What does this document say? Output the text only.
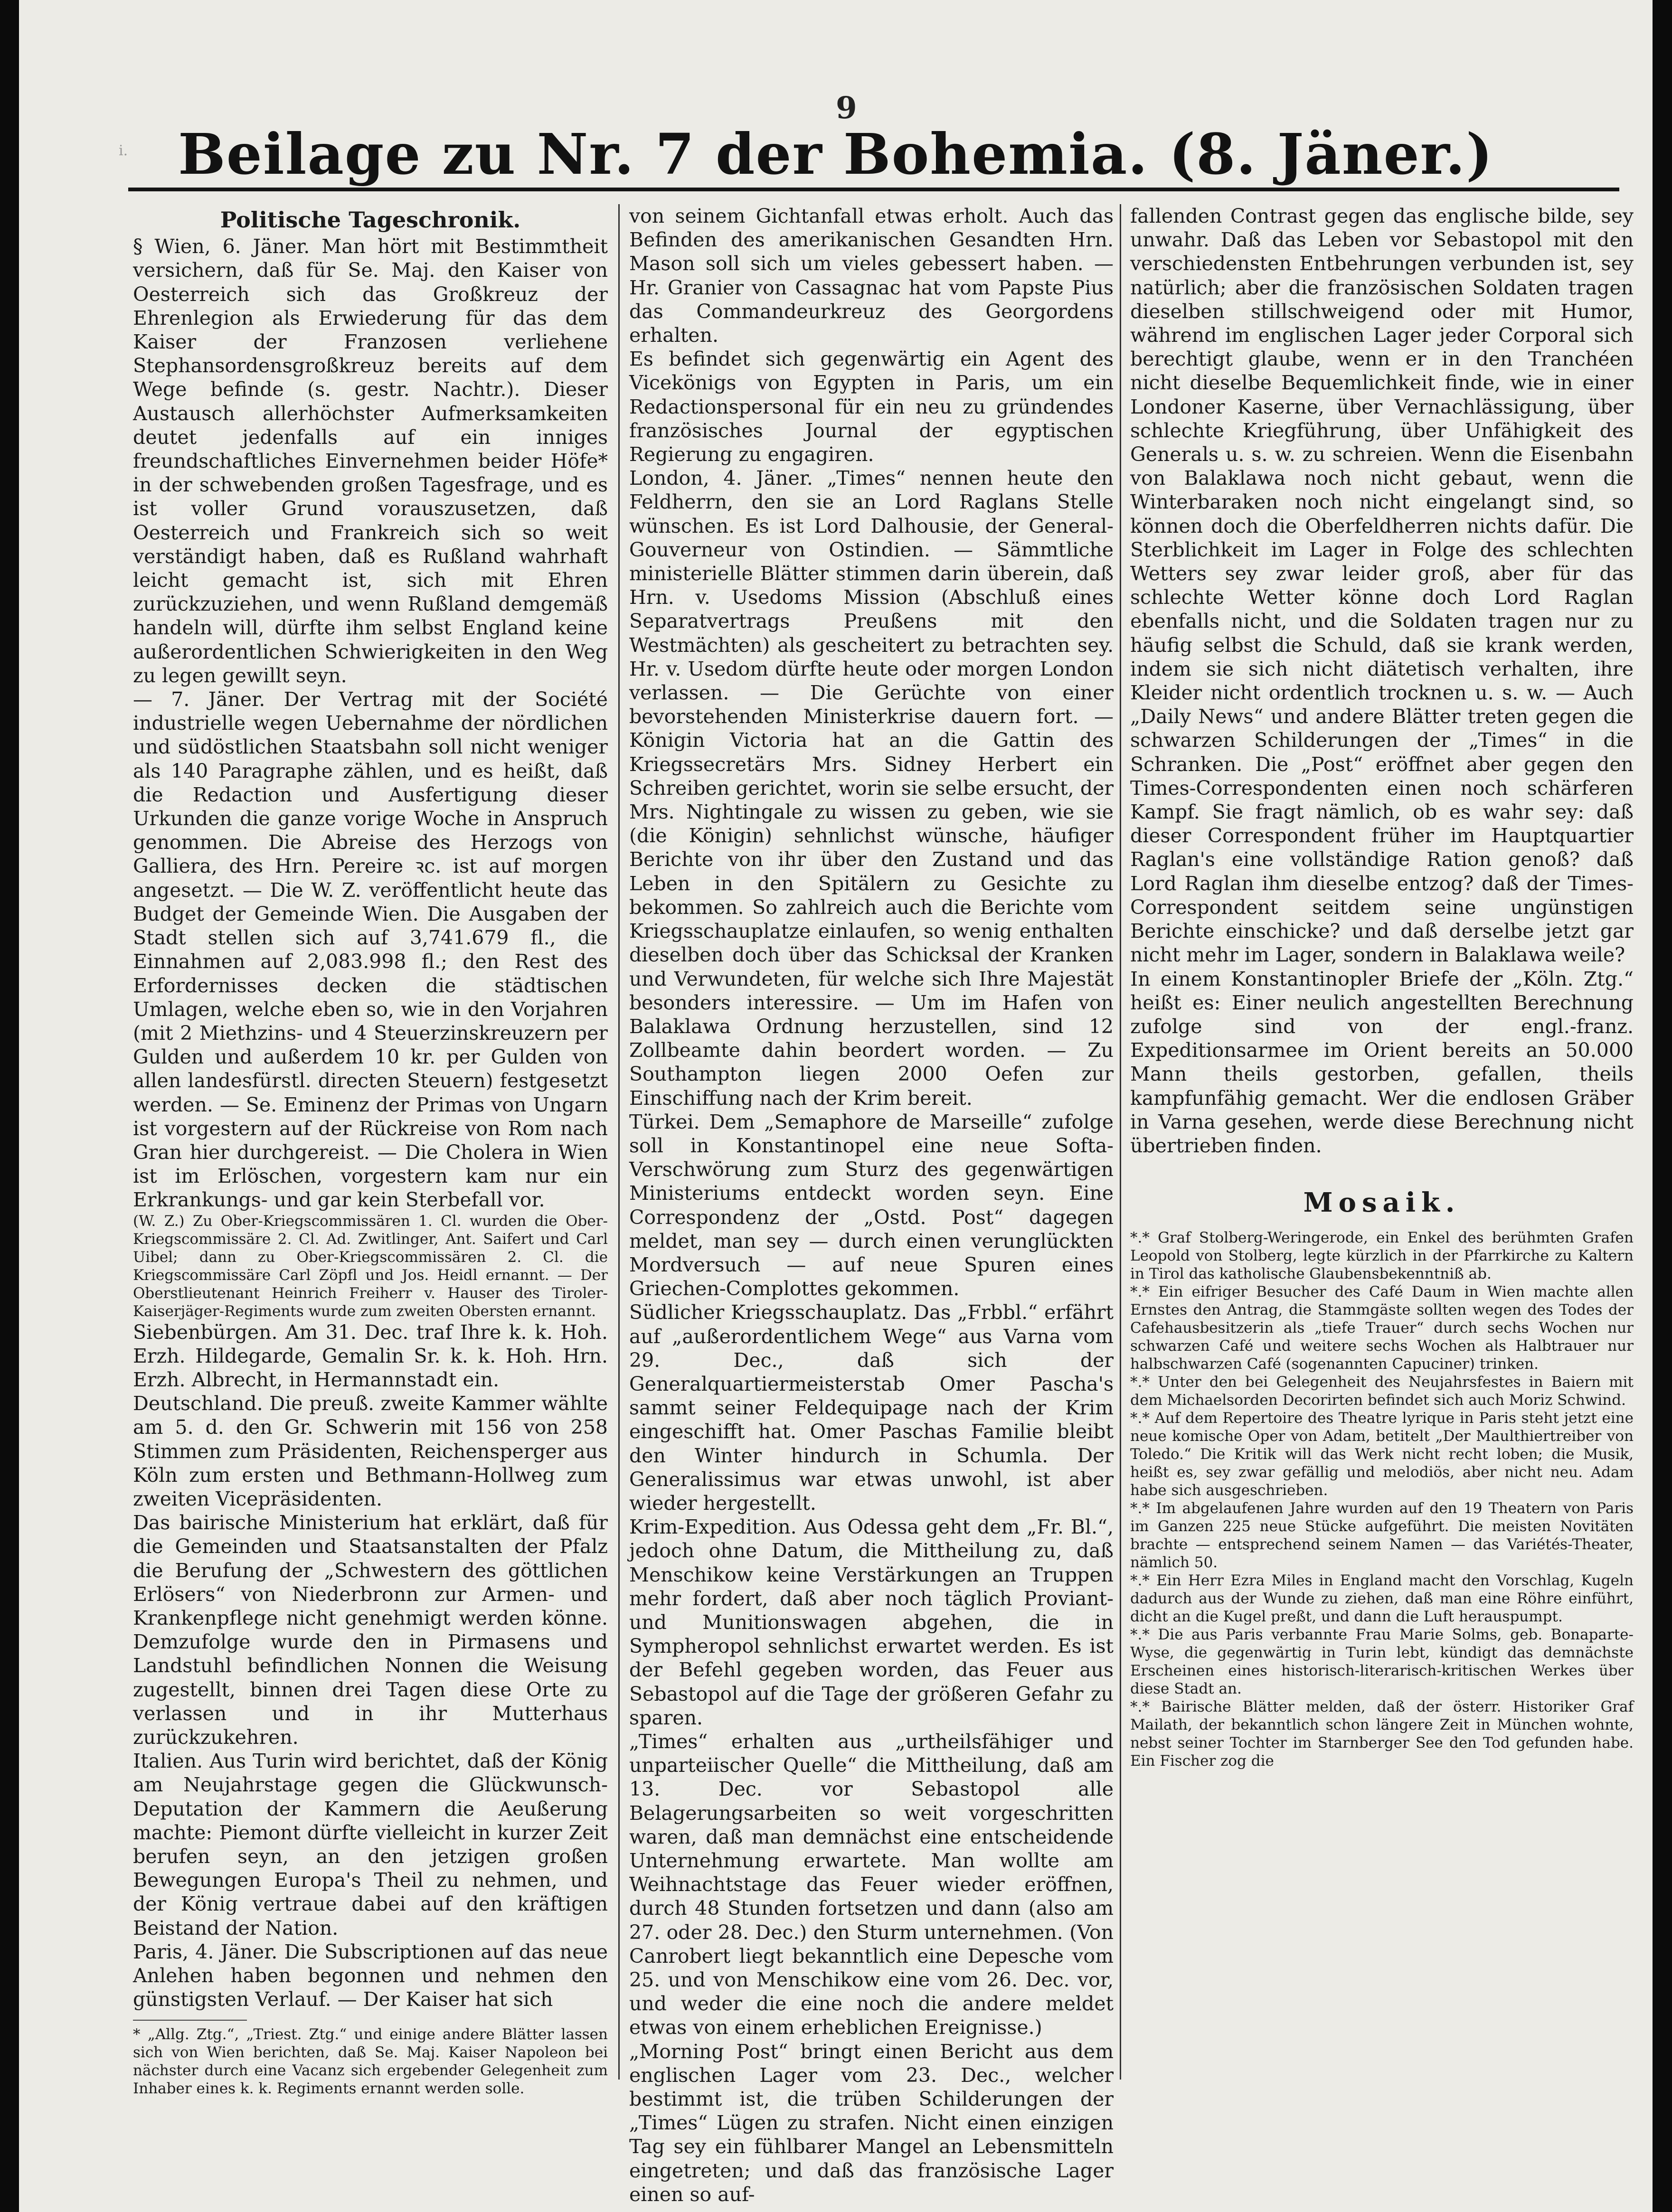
9
i. Beilage zu Nr. 7 der Bohemia. (8. Jäner.)

Politische Tageschronik.

§ Wien, 6. Jäner. Man hört mit Bestimmtheit versichern, daß für Se. Maj. den Kaiser von Oesterreich sich das Großkreuz der Ehrenlegion als Erwiederung für das dem Kaiser der Franzosen verliehene Stephansordensgroßkreuz bereits auf dem Wege befinde (s. gestr. Nachtr.). Dieser Austausch allerhöchster Aufmerksamkeiten deutet jedenfalls auf ein inniges freundschaftliches Einvernehmen beider Höfe* in der schwebenden großen Tagesfrage, und es ist voller Grund vorauszusetzen, daß Oesterreich und Frankreich sich so weit verständigt haben, daß es Rußland wahrhaft leicht gemacht ist, sich mit Ehren zurückzuziehen, und wenn Rußland demgemäß handeln will, dürfte ihm selbst England keine außerordentlichen Schwierigkeiten in den Weg zu legen gewillt seyn.

— 7. Jäner. Der Vertrag mit der Société industrielle wegen Uebernahme der nördlichen und südöstlichen Staatsbahn soll nicht weniger als 140 Paragraphe zählen, und es heißt, daß die Redaction und Ausfertigung dieser Urkunden die ganze vorige Woche in Anspruch genommen. Die Abreise des Herzogs von Galliera, des Hrn. Pereire ꝛc. ist auf morgen angesetzt. — Die W. Z. veröffentlicht heute das Budget der Gemeinde Wien. Die Ausgaben der Stadt stellen sich auf 3,741.679 fl., die Einnahmen auf 2,083.998 fl.; den Rest des Erfordernisses decken die städtischen Umlagen, welche eben so, wie in den Vorjahren (mit 2 Miethzins- und 4 Steuerzinskreuzern per Gulden und außerdem 10 kr. per Gulden von allen landesfürstl. directen Steuern) festgesetzt werden. — Se. Eminenz der Primas von Ungarn ist vorgestern auf der Rückreise von Rom nach Gran hier durchgereist. — Die Cholera in Wien ist im Erlöschen, vorgestern kam nur ein Erkrankungs- und gar kein Sterbefall vor.

(W. Z.) Zu Ober-Kriegscommissären 1. Cl. wurden die Ober-Kriegscommissäre 2. Cl. Ad. Zwitlinger, Ant. Saifert und Carl Uibel; dann zu Ober-Kriegscommissären 2. Cl. die Kriegscommissäre Carl Zöpfl und Jos. Heidl ernannt. — Der Oberstlieutenant Heinrich Freiherr v. Hauser des Tiroler-Kaiserjäger-Regiments wurde zum zweiten Obersten ernannt.

Siebenbürgen. Am 31. Dec. traf Ihre k. k. Hoh. Erzh. Hildegarde, Gemalin Sr. k. k. Hoh. Hrn. Erzh. Albrecht, in Hermannstadt ein.

Deutschland. Die preuß. zweite Kammer wählte am 5. d. den Gr. Schwerin mit 156 von 258 Stimmen zum Präsidenten, Reichensperger aus Köln zum ersten und Bethmann-Hollweg zum zweiten Vicepräsidenten.

Das bairische Ministerium hat erklärt, daß für die Gemeinden und Staatsanstalten der Pfalz die Berufung der „Schwestern des göttlichen Erlösers“ von Niederbronn zur Armen- und Krankenpflege nicht genehmigt werden könne. Demzufolge wurde den in Pirmasens und Landstuhl befindlichen Nonnen die Weisung zugestellt, binnen drei Tagen diese Orte zu verlassen und in ihr Mutterhaus zurückzukehren.

Italien. Aus Turin wird berichtet, daß der König am Neujahrstage gegen die Glückwunsch-Deputation der Kammern die Aeußerung machte: Piemont dürfte vielleicht in kurzer Zeit berufen seyn, an den jetzigen großen Bewegungen Europa's Theil zu nehmen, und der König vertraue dabei auf den kräftigen Beistand der Nation.

Paris, 4. Jäner. Die Subscriptionen auf das neue Anlehen haben begonnen und nehmen den günstigsten Verlauf. — Der Kaiser hat sich

* „Allg. Ztg.“, „Triest. Ztg.“ und einige andere Blätter lassen sich von Wien berichten, daß Se. Maj. Kaiser Napoleon bei nächster durch eine Vacanz sich ergebender Gelegenheit zum Inhaber eines k. k. Regiments ernannt werden solle.

von seinem Gichtanfall etwas erholt. Auch das Befinden des amerikanischen Gesandten Hrn. Mason soll sich um vieles gebessert haben. — Hr. Granier von Cassagnac hat vom Papste Pius das Commandeurkreuz des Georgordens erhalten.

Es befindet sich gegenwärtig ein Agent des Vicekönigs von Egypten in Paris, um ein Redactionspersonal für ein neu zu gründendes französisches Journal der egyptischen Regierung zu engagiren.

London, 4. Jäner. „Times“ nennen heute den Feldherrn, den sie an Lord Raglans Stelle wünschen. Es ist Lord Dalhousie, der General-Gouverneur von Ostindien. — Sämmtliche ministerielle Blätter stimmen darin überein, daß Hrn. v. Usedoms Mission (Abschluß eines Separatvertrags Preußens mit den Westmächten) als gescheitert zu betrachten sey. Hr. v. Usedom dürfte heute oder morgen London verlassen. — Die Gerüchte von einer bevorstehenden Ministerkrise dauern fort. — Königin Victoria hat an die Gattin des Kriegssecretärs Mrs. Sidney Herbert ein Schreiben gerichtet, worin sie selbe ersucht, der Mrs. Nightingale zu wissen zu geben, wie sie (die Königin) sehnlichst wünsche, häufiger Berichte von ihr über den Zustand und das Leben in den Spitälern zu Gesichte zu bekommen. So zahlreich auch die Berichte vom Kriegsschauplatze einlaufen, so wenig enthalten dieselben doch über das Schicksal der Kranken und Verwundeten, für welche sich Ihre Majestät besonders interessire. — Um im Hafen von Balaklawa Ordnung herzustellen, sind 12 Zollbeamte dahin beordert worden. — Zu Southampton liegen 2000 Oefen zur Einschiffung nach der Krim bereit.

Türkei. Dem „Semaphore de Marseille“ zufolge soll in Konstantinopel eine neue Softa-Verschwörung zum Sturz des gegenwärtigen Ministeriums entdeckt worden seyn. Eine Correspondenz der „Ostd. Post“ dagegen meldet, man sey — durch einen verunglückten Mordversuch — auf neue Spuren eines Griechen-Complottes gekommen.

Südlicher Kriegsschauplatz. Das „Frbbl.“ erfährt auf „außerordentlichem Wege“ aus Varna vom 29. Dec., daß sich der Generalquartiermeisterstab Omer Pascha's sammt seiner Feldequipage nach der Krim eingeschifft hat. Omer Paschas Familie bleibt den Winter hindurch in Schumla. Der Generalissimus war etwas unwohl, ist aber wieder hergestellt.

Krim-Expedition. Aus Odessa geht dem „Fr. Bl.“, jedoch ohne Datum, die Mittheilung zu, daß Menschikow keine Verstärkungen an Truppen mehr fordert, daß aber noch täglich Proviant- und Munitionswagen abgehen, die in Sympheropol sehnlichst erwartet werden. Es ist der Befehl gegeben worden, das Feuer aus Sebastopol auf die Tage der größeren Gefahr zu sparen.

„Times“ erhalten aus „urtheilsfähiger und unparteiischer Quelle“ die Mittheilung, daß am 13. Dec. vor Sebastopol alle Belagerungsarbeiten so weit vorgeschritten waren, daß man demnächst eine entscheidende Unternehmung erwartete. Man wollte am Weihnachtstage das Feuer wieder eröffnen, durch 48 Stunden fortsetzen und dann (also am 27. oder 28. Dec.) den Sturm unternehmen. (Von Canrobert liegt bekanntlich eine Depesche vom 25. und von Menschikow eine vom 26. Dec. vor, und weder die eine noch die andere meldet etwas von einem erheblichen Ereignisse.)

„Morning Post“ bringt einen Bericht aus dem englischen Lager vom 23. Dec., welcher bestimmt ist, die trüben Schilderungen der „Times“ Lügen zu strafen. Nicht einen einzigen Tag sey ein fühlbarer Mangel an Lebensmitteln eingetreten; und daß das französische Lager einen so auf-

fallenden Contrast gegen das englische bilde, sey unwahr. Daß das Leben vor Sebastopol mit den verschiedensten Entbehrungen verbunden ist, sey natürlich; aber die französischen Soldaten tragen dieselben stillschweigend oder mit Humor, während im englischen Lager jeder Corporal sich berechtigt glaube, wenn er in den Tranchéen nicht dieselbe Bequemlichkeit finde, wie in einer Londoner Kaserne, über Vernachlässigung, über schlechte Kriegführung, über Unfähigkeit des Generals u. s. w. zu schreien. Wenn die Eisenbahn von Balaklawa noch nicht gebaut, wenn die Winterbaraken noch nicht eingelangt sind, so können doch die Oberfeldherren nichts dafür. Die Sterblichkeit im Lager in Folge des schlechten Wetters sey zwar leider groß, aber für das schlechte Wetter könne doch Lord Raglan ebenfalls nicht, und die Soldaten tragen nur zu häufig selbst die Schuld, daß sie krank werden, indem sie sich nicht diätetisch verhalten, ihre Kleider nicht ordentlich trocknen u. s. w. — Auch „Daily News“ und andere Blätter treten gegen die schwarzen Schilderungen der „Times“ in die Schranken. Die „Post“ eröffnet aber gegen den Times-Correspondenten einen noch schärferen Kampf. Sie fragt nämlich, ob es wahr sey: daß dieser Correspondent früher im Hauptquartier Raglan's eine vollständige Ration genoß? daß Lord Raglan ihm dieselbe entzog? daß der Times-Correspondent seitdem seine ungünstigen Berichte einschicke? und daß derselbe jetzt gar nicht mehr im Lager, sondern in Balaklawa weile?

In einem Konstantinopler Briefe der „Köln. Ztg.“ heißt es: Einer neulich angestellten Berechnung zufolge sind von der engl.-franz. Expeditionsarmee im Orient bereits an 50.000 Mann theils gestorben, gefallen, theils kampfunfähig gemacht. Wer die endlosen Gräber in Varna gesehen, werde diese Berechnung nicht übertrieben finden.

Mosaik.

*.* Graf Stolberg-Weringerode, ein Enkel des berühmten Grafen Leopold von Stolberg, legte kürzlich in der Pfarrkirche zu Kaltern in Tirol das katholische Glaubensbekenntniß ab.

*.* Ein eifriger Besucher des Café Daum in Wien machte allen Ernstes den Antrag, die Stammgäste sollten wegen des Todes der Cafehausbesitzerin als „tiefe Trauer“ durch sechs Wochen nur schwarzen Café und weitere sechs Wochen als Halbtrauer nur halbschwarzen Café (sogenannten Capuciner) trinken.

*.* Unter den bei Gelegenheit des Neujahrsfestes in Baiern mit dem Michaelsorden Decorirten befindet sich auch Moriz Schwind.

*.* Auf dem Repertoire des Theatre lyrique in Paris steht jetzt eine neue komische Oper von Adam, betitelt „Der Maulthiertreiber von Toledo.“ Die Kritik will das Werk nicht recht loben; die Musik, heißt es, sey zwar gefällig und melodiös, aber nicht neu. Adam habe sich ausgeschrieben.

*.* Im abgelaufenen Jahre wurden auf den 19 Theatern von Paris im Ganzen 225 neue Stücke aufgeführt. Die meisten Novitäten brachte — entsprechend seinem Namen — das Variétés-Theater, nämlich 50.

*.* Ein Herr Ezra Miles in England macht den Vorschlag, Kugeln dadurch aus der Wunde zu ziehen, daß man eine Röhre einführt, dicht an die Kugel preßt, und dann die Luft herauspumpt.

*.* Die aus Paris verbannte Frau Marie Solms, geb. Bonaparte-Wyse, die gegenwärtig in Turin lebt, kündigt das demnächste Erscheinen eines historisch-literarisch-kritischen Werkes über diese Stadt an.

*.* Bairische Blätter melden, daß der österr. Historiker Graf Mailath, der bekanntlich schon längere Zeit in München wohnte, nebst seiner Tochter im Starnberger See den Tod gefunden habe. Ein Fischer zog die
